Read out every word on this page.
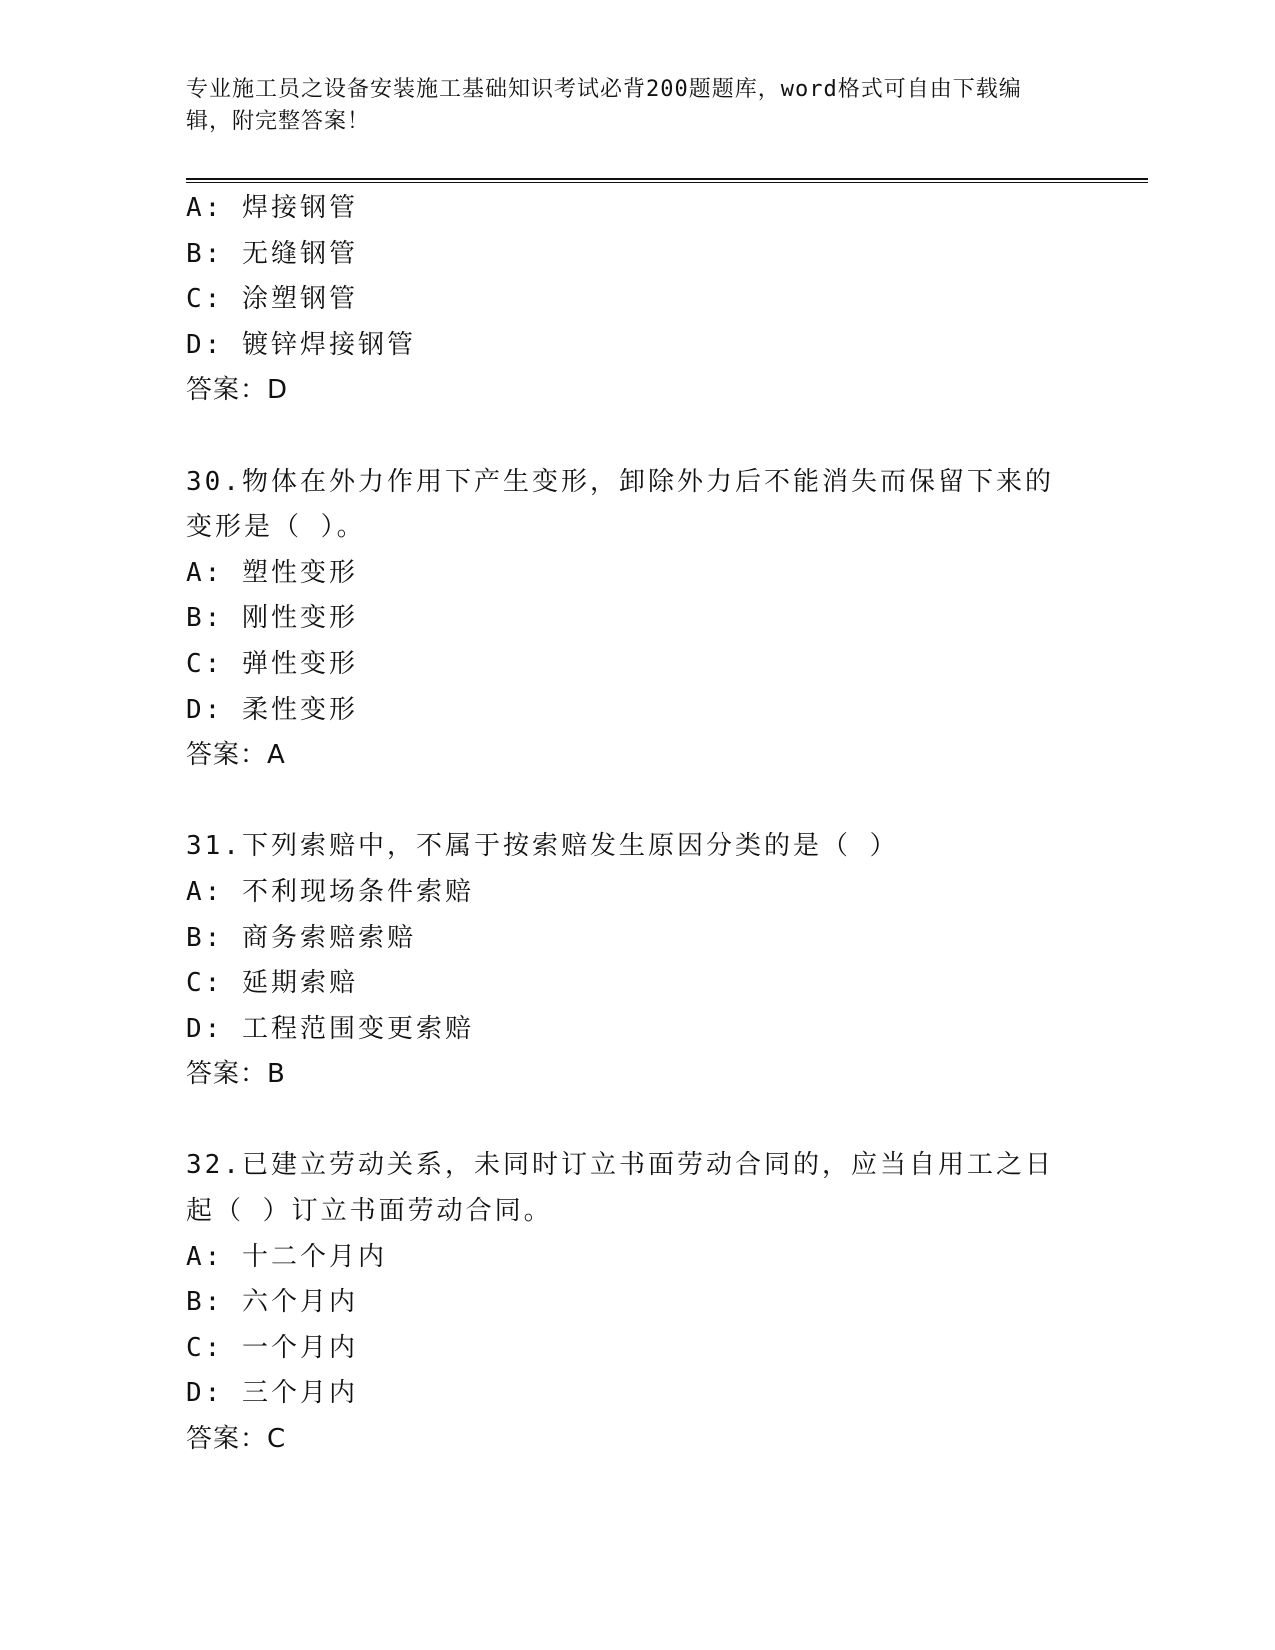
专业施工员之设备安装施工基础知识考试必背200题题库，word格式可自由下载编辑，附完整答案！
A: 焊接钢管
B: 无缝钢管
C: 涂塑钢管
D: 镀锌焊接钢管
答案：D
30.物体在外力作用下产生变形，卸除外力后不能消失而保留下来的变形是（ ）。
A: 塑性变形
B: 刚性变形
C: 弹性变形
D: 柔性变形
答案：A
31.下列索赔中，不属于按索赔发生原因分类的是（ ）
A: 不利现场条件索赔
B: 商务索赔索赔
C: 延期索赔
D: 工程范围变更索赔
答案：B
32.已建立劳动关系，未同时订立书面劳动合同的，应当自用工之日起（ ）订立书面劳动合同。
A: 十二个月内
B: 六个月内
C: 一个月内
D: 三个月内
答案：C
